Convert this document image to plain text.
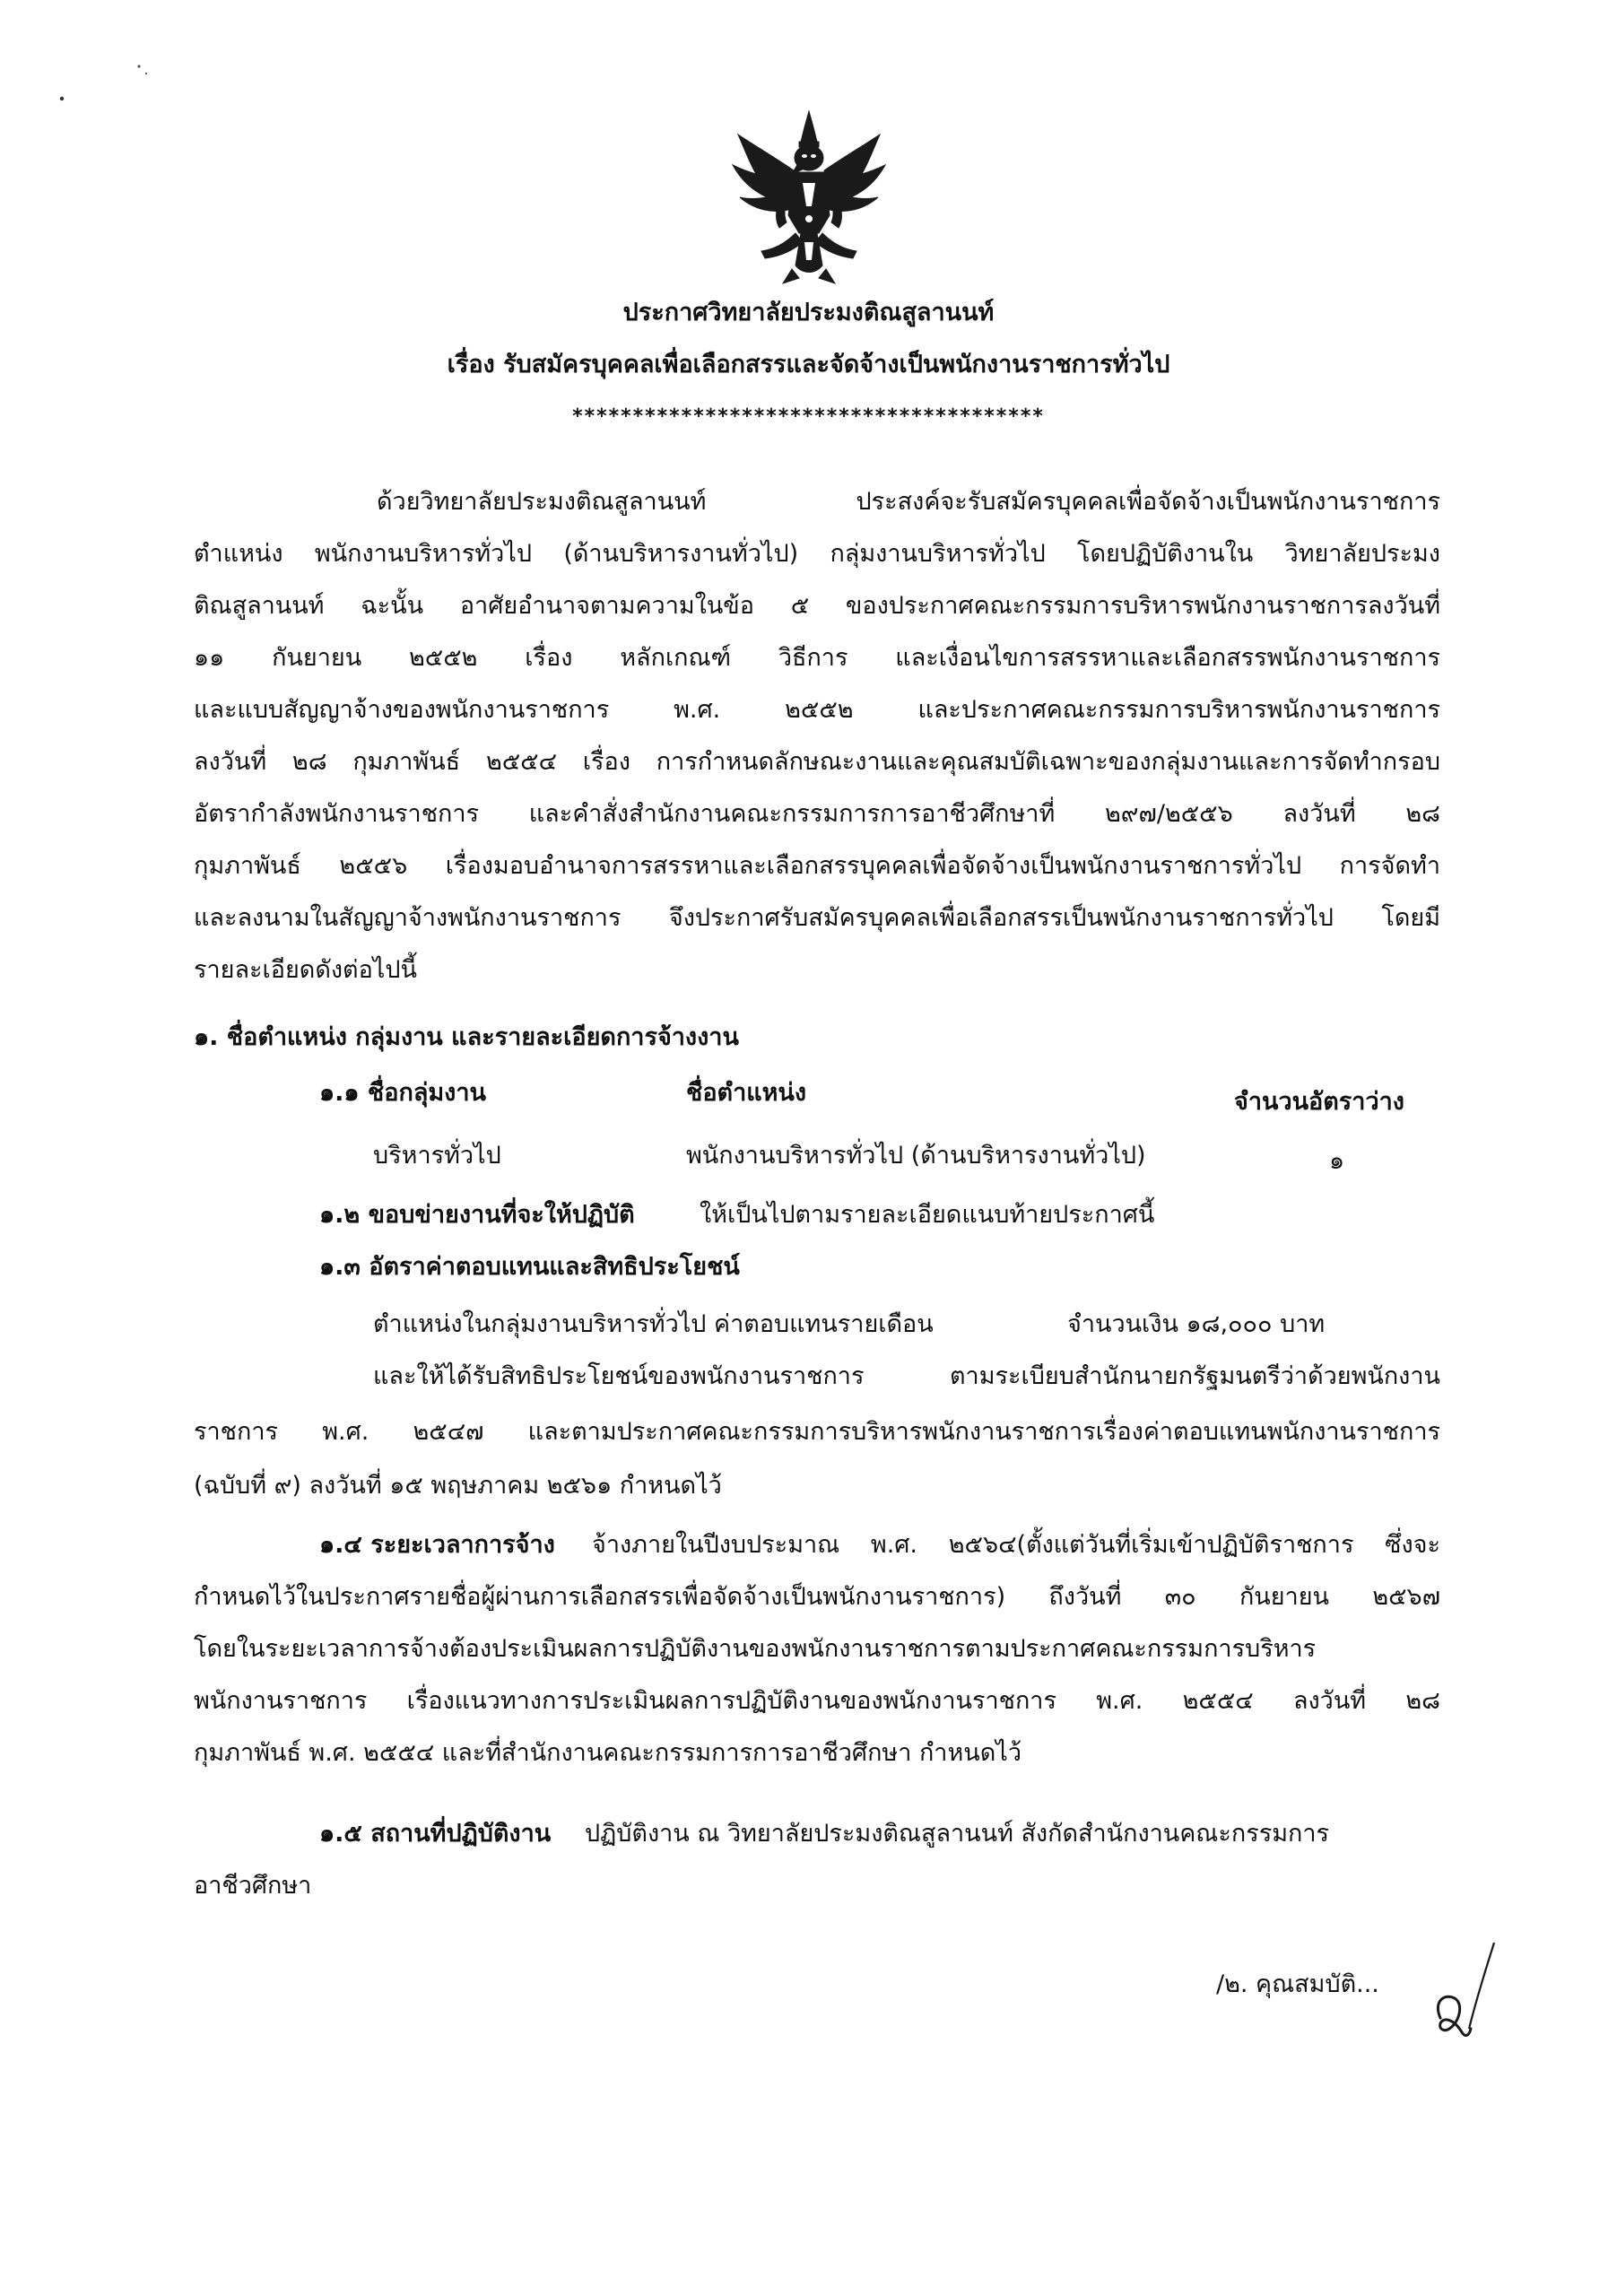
ประกาศวิทยาลัยประมงติณสูลานนท์
เรื่อง รับสมัครบุคคลเพื่อเลือกสรรและจัดจ้างเป็นพนักงานราชการทั่วไป
***************************************
ด้วยวิทยาลัยประมงติณสูลานนท์ ประสงค์จะรับสมัครบุคคลเพื่อจัดจ้างเป็นพนักงานราชการ
ตำแหน่ง พนักงานบริหารทั่วไป (ด้านบริหารงานทั่วไป) กลุ่มงานบริหารทั่วไป โดยปฏิบัติงานใน วิทยาลัยประมง
ติณสูลานนท์ ฉะนั้น อาศัยอำนาจตามความในข้อ ๕ ของประกาศคณะกรรมการบริหารพนักงานราชการลงวันที่
๑๑ กันยายน ๒๕๕๒ เรื่อง หลักเกณฑ์ วิธีการ และเงื่อนไขการสรรหาและเลือกสรรพนักงานราชการ
และแบบสัญญาจ้างของพนักงานราชการ พ.ศ. ๒๕๕๒ และประกาศคณะกรรมการบริหารพนักงานราชการ
ลงวันที่ ๒๘ กุมภาพันธ์ ๒๕๕๔ เรื่อง การกำหนดลักษณะงานและคุณสมบัติเฉพาะของกลุ่มงานและการจัดทำกรอบ
อัตรากำลังพนักงานราชการ และคำสั่งสำนักงานคณะกรรมการการอาชีวศึกษาที่ ๒๙๗/๒๕๕๖ ลงวันที่ ๒๘
กุมภาพันธ์ ๒๕๕๖ เรื่องมอบอำนาจการสรรหาและเลือกสรรบุคคลเพื่อจัดจ้างเป็นพนักงานราชการทั่วไป การจัดทำ
และลงนามในสัญญาจ้างพนักงานราชการ จึงประกาศรับสมัครบุคคลเพื่อเลือกสรรเป็นพนักงานราชการทั่วไป โดยมี
รายละเอียดดังต่อไปนี้
๑. ชื่อตำแหน่ง กลุ่มงาน และรายละเอียดการจ้างงาน
๑.๑ ชื่อกลุ่มงาน	ชื่อตำแหน่ง	จำนวนอัตราว่าง
บริหารทั่วไป	พนักงานบริหารทั่วไป (ด้านบริหารงานทั่วไป)	๑
๑.๒ ขอบข่ายงานที่จะให้ปฏิบัติ	ให้เป็นไปตามรายละเอียดแนบท้ายประกาศนี้
๑.๓ อัตราค่าตอบแทนและสิทธิประโยชน์
ตำแหน่งในกลุ่มงานบริหารทั่วไป ค่าตอบแทนรายเดือน	จำนวนเงิน ๑๘,๐๐๐ บาท
และให้ได้รับสิทธิประโยชน์ของพนักงานราชการ ตามระเบียบสำนักนายกรัฐมนตรีว่าด้วยพนักงาน
ราชการ พ.ศ. ๒๕๔๗ และตามประกาศคณะกรรมการบริหารพนักงานราชการเรื่องค่าตอบแทนพนักงานราชการ
(ฉบับที่ ๙) ลงวันที่ ๑๕ พฤษภาคม ๒๕๖๑ กำหนดไว้
๑.๔ ระยะเวลาการจ้าง จ้างภายในปีงบประมาณ พ.ศ. ๒๕๖๔(ตั้งแต่วันที่เริ่มเข้าปฏิบัติราชการ ซึ่งจะ
กำหนดไว้ในประกาศรายชื่อผู้ผ่านการเลือกสรรเพื่อจัดจ้างเป็นพนักงานราชการ) ถึงวันที่ ๓๐ กันยายน ๒๕๖๗
โดยในระยะเวลาการจ้างต้องประเมินผลการปฏิบัติงานของพนักงานราชการตามประกาศคณะกรรมการบริหาร
พนักงานราชการ เรื่องแนวทางการประเมินผลการปฏิบัติงานของพนักงานราชการ พ.ศ. ๒๕๕๔ ลงวันที่ ๒๘
กุมภาพันธ์ พ.ศ. ๒๕๕๔ และที่สำนักงานคณะกรรมการการอาชีวศึกษา กำหนดไว้
๑.๕ สถานที่ปฏิบัติงาน ปฏิบัติงาน ณ วิทยาลัยประมงติณสูลานนท์ สังกัดสำนักงานคณะกรรมการ
อาชีวศึกษา
/๒. คุณสมบัติ...
